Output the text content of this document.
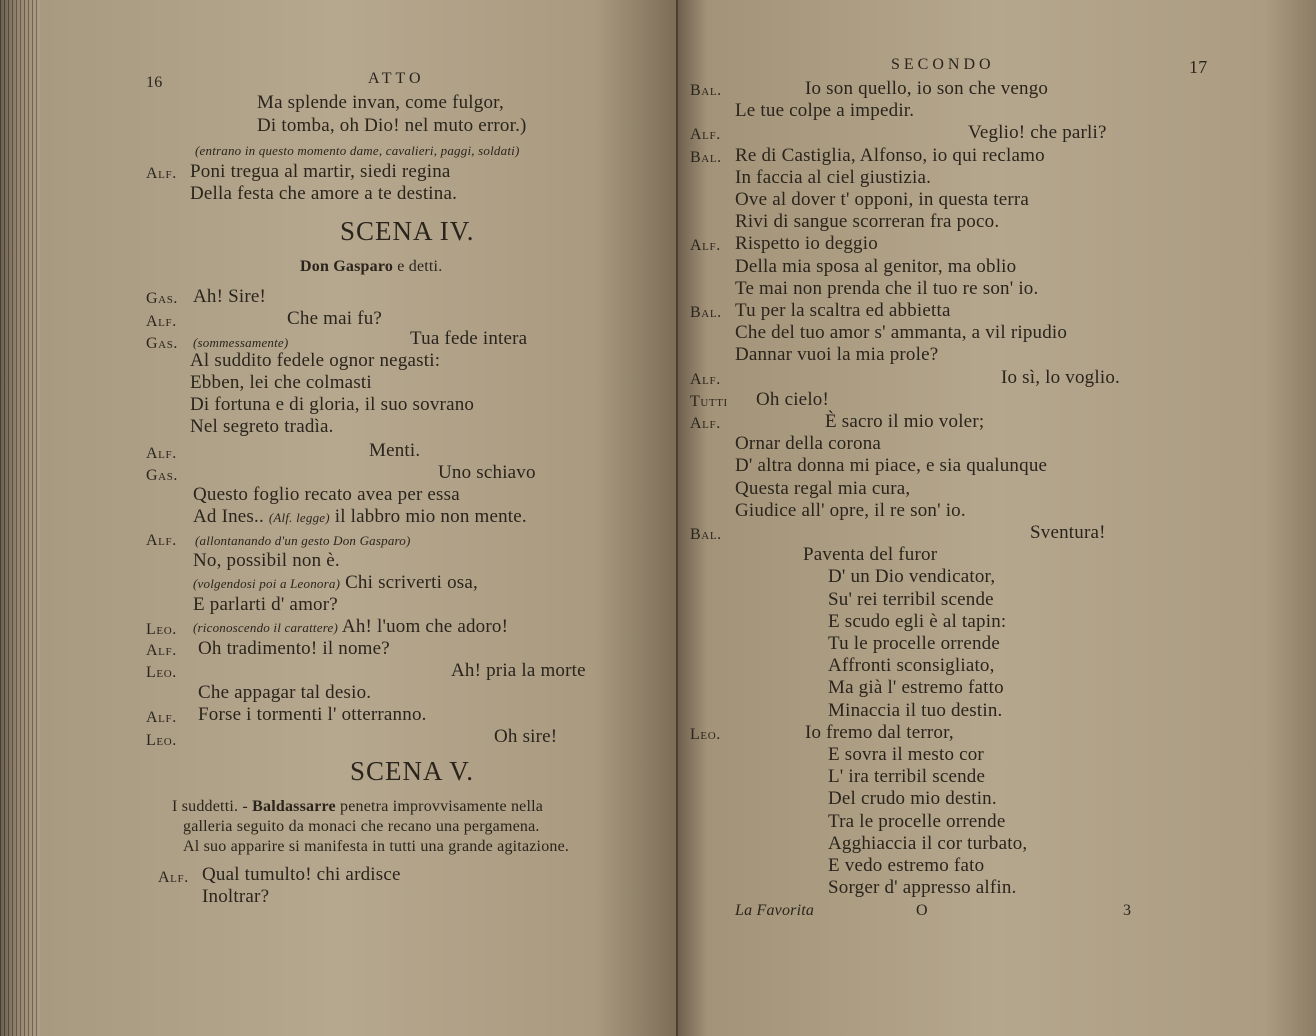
16	ATTO
Ma splende invan, come fulgor,
Di tomba, oh Dio! nel muto error.)
(entrano in questo momento dame, cavalieri, paggi, soldati)
Alf. Poni tregua al martir, siedi regina
Della festa che amore a te destina.
SCENA IV.
Don Gasparo e detti.
Gas. Ah! Sire!
Alf.	Che mai fu?
Gas. (sommessamente)	Tua fede intera
Al suddito fedele ognor negasti:
Ebben, lei che colmasti
Di fortuna e di gloria, il suo sovrano
Nel segreto tradìa.
Alf.	Menti.
Gas.	Uno schiavo
Questo foglio recato avea per essa
Ad Ines.. (Alf. legge) il labbro mio non mente.
Alf. (allontanando d'un gesto Don Gasparo)
No, possibil non è.
(volgendosi poi a Leonora) Chi scriverti osa,
E parlarti d' amor?
Leo. (riconoscendo il carattere) Ah! l'uom che adoro!
Alf. Oh tradimento! il nome?
Leo.	Ah! pria la morte
Che appagar tal desio.
Alf. Forse i tormenti l' otterranno.
Leo.	Oh sire!
SCENA V.
I suddetti. - Baldassarre penetra improvvisamente nella
galleria seguito da monaci che recano una pergamena.
Al suo apparire si manifesta in tutti una grande agitazione.
Alf. Qual tumulto! chi ardisce
Inoltrar?
SECONDO	17
Bal.	Io son quello, io son che vengo
Le tue colpe a impedir.
Alf.	Veglio! che parli?
Bal. Re di Castiglia, Alfonso, io qui reclamo
In faccia al ciel giustizia.
Ove al dover t' opponi, in questa terra
Rivi di sangue scorreran fra poco.
Alf. Rispetto io deggio
Della mia sposa al genitor, ma oblio
Te mai non prenda che il tuo re son' io.
Bal. Tu per la scaltra ed abbietta
Che del tuo amor s' ammanta, a vil ripudio
Dannar vuoi la mia prole?
Alf.	Io sì, lo voglio.
Tutti Oh cielo!
Alf.	È sacro il mio voler;
Ornar della corona
D' altra donna mi piace, e sia qualunque
Questa regal mia cura,
Giudice all' opre, il re son' io.
Bal.	Sventura!
Paventa del furor
D' un Dio vendicator,
Su' rei terribil scende
E scudo egli è al tapin:
Tu le procelle orrende
Affronti sconsigliato,
Ma già l' estremo fatto
Minaccia il tuo destin.
Leo.	Io fremo dal terror,
E sovra il mesto cor
L' ira terribil scende
Del crudo mio destin.
Tra le procelle orrende
Agghiaccia il cor turbato,
E vedo estremo fato
Sorger d' appresso alfin.
La Favorita	O	3
